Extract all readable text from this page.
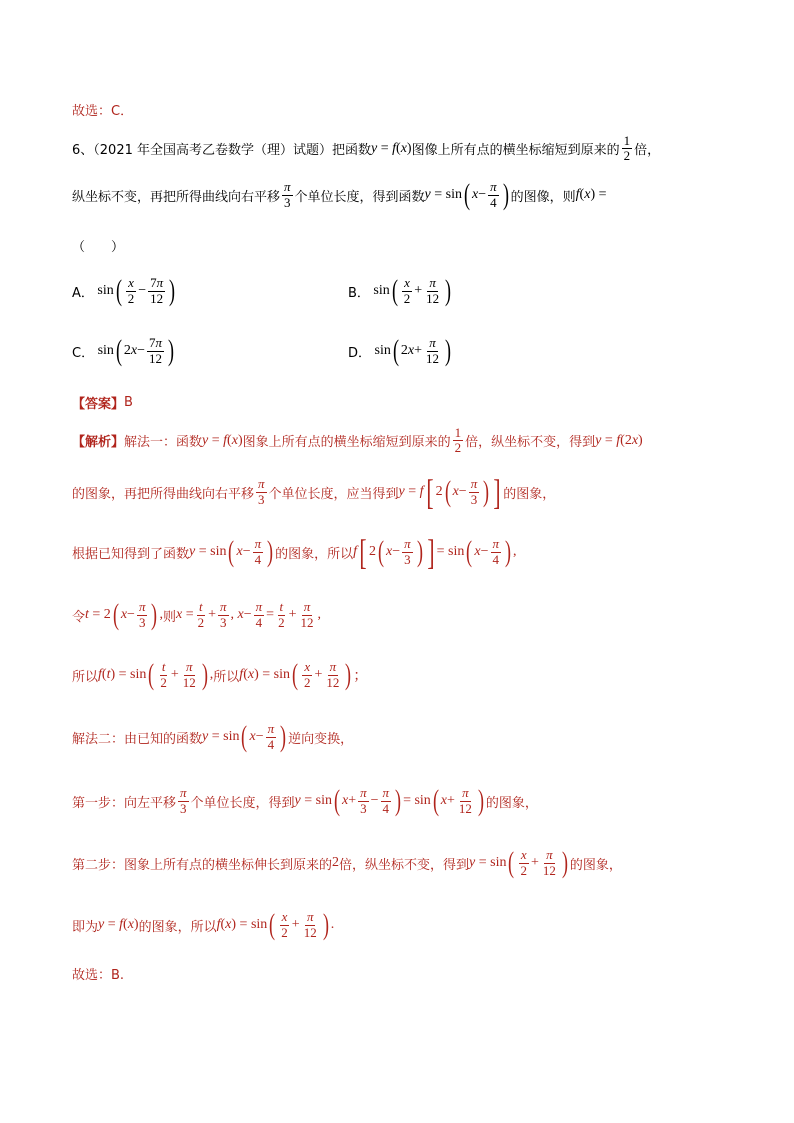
故选：C．
6、（2021 年全国高考乙卷数学（理）试题）把函数 y = f(x) 图像上所有点的横坐标缩短到原来的 $\frac{1}{2}$ 倍，
纵坐标不变，再把所得曲线向右平移 $\frac{\pi}{3}$ 个单位长度，得到函数 y = sin ( $x - \frac{\pi}{4}$ ) 的图像，则 f(x) =
（　　）
A． sin ( $\frac{x}{2} - \frac{7\pi}{12}$ )	B． sin ( $\frac{x}{2} + \frac{\pi}{12}$ )
C． sin ( $2x- \frac{7\pi}{12}$ )	D． sin ( $2x+ \frac{\pi}{12}$ )
【答案】 B
【解析】 解法一：函数 y = f(x) 图象上所有点的横坐标缩短到原来的 $\frac{1}{2}$ 倍，纵坐标不变，得到 y = f(2x)
的图象，再把所得曲线向右平移 $\frac{\pi}{3}$ 个单位长度，应当得到 y = f [ 2 ( $x - \frac{\pi}{3}$ ) ] 的图象，
根据已知得到了函数 y = sin ( $x - \frac{\pi}{4}$ ) 的图象，所以 f [ 2 ( $x - \frac{\pi}{3}$ ) ] = sin ( $x - \frac{\pi}{4}$ ) ,
令 t = 2 ( $x - \frac{\pi}{3}$ ) , 则 $x = \frac{t}{2} + \frac{\pi}{3}$ , $x- \frac{\pi}{4} = \frac{t}{2} + \frac{\pi}{12}$ ,
所以 f(t) = sin ( $\frac{t}{2} + \frac{\pi}{12}$ ) , 所以 f(x) = sin ( $\frac{x}{2} + \frac{\pi}{12}$ ) ；
解法二：由已知的函数 y = sin ( $x - \frac{\pi}{4}$ ) 逆向变换，
第一步：向左平移 $\frac{\pi}{3}$ 个单位长度，得到 y = sin ( $x+ \frac{\pi}{3} - \frac{\pi}{4}$ ) = sin ( $x+ \frac{\pi}{12}$ ) 的图象，
第二步：图象上所有点的横坐标伸长到原来的 2 倍，纵坐标不变，得到 y = sin ( $\frac{x}{2} + \frac{\pi}{12}$ ) 的图象，
即为 y = f(x) 的图象，所以 f(x) = sin ( $\frac{x}{2} + \frac{\pi}{12}$ ) .
故选：B.
